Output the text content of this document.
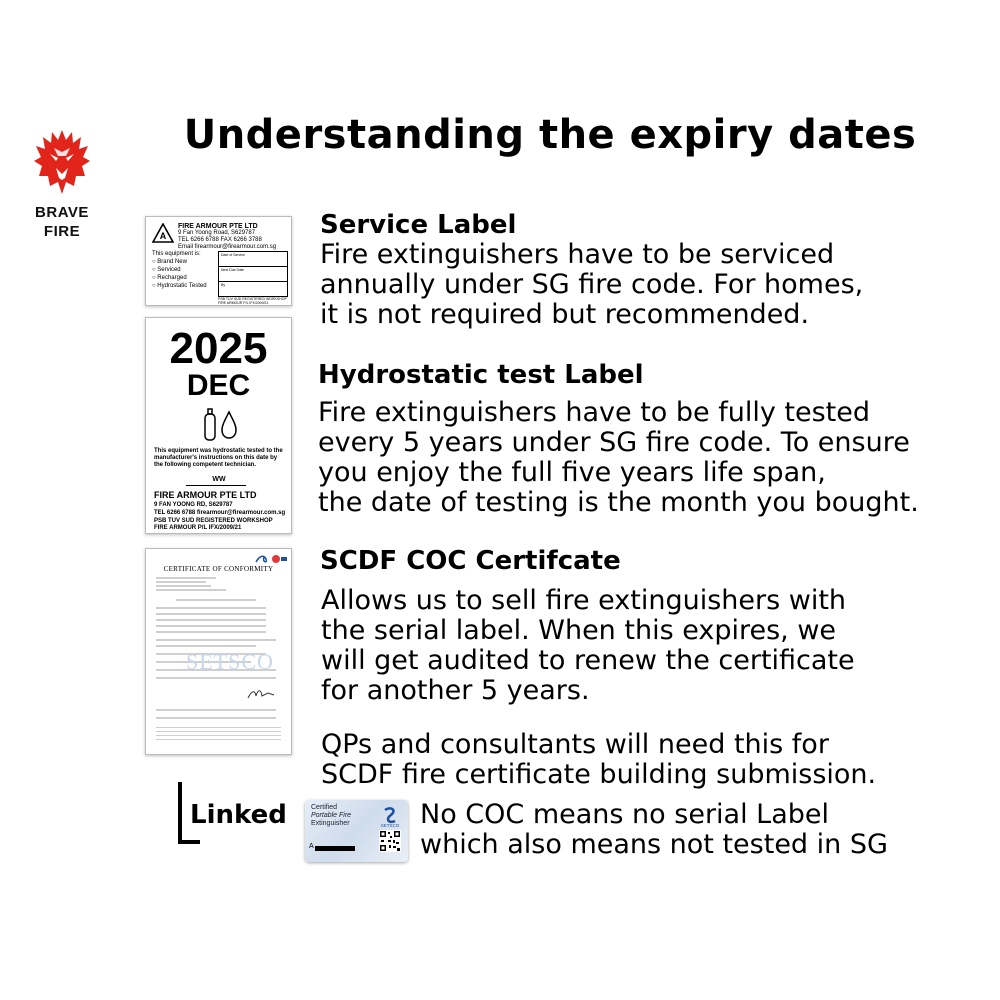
BRAVE
FIRE
Understanding the expiry dates
A
FIRE ARMOUR PTE LTD
9 Fan Yoong Road, S629787
TEL 6266 6788 FAX 6266 3788
Email firearmour@firearmour.com.sg
This equipment is:
○ Brand New
○ Serviced
○ Recharged
○ Hydrostatic Tested
Date of Service
Next Due Date
By
PSB TUV SUD REGISTERED WORKSHOP
FIRE ARMOUR P/L IFX/2009/21
Service Label
Fire extinguishers have to be serviced
annually under SG fire code. For homes,
it is not required but recommended.
2025
DEC
This equipment was hydrostatic tested to the manufacturer's instructions on this date by the following competent technician.
WW
FIRE ARMOUR PTE LTD
9 FAN YOONG RD, S629787
TEL 6266 6788 firearmour@firearmour.com.sg
PSB TUV SUD REGISTERED WORKSHOP
FIRE ARMOUR P/L IFX/2009/21
Hydrostatic test Label
Fire extinguishers have to be fully tested
every 5 years under SG fire code. To ensure
you enjoy the full five years life span,
the date of testing is the month you bought.
CERTIFICATE OF CONFORMITY
SETSCO
SCDF COC Certifcate
Allows us to sell fire extinguishers with
the serial label. When this expires, we
will get audited to renew the certificate
for another 5 years.
QPs and consultants will need this for
SCDF fire certificate building submission.
Linked	Certified
Portable Fire
Extinguisher	SETSCO
A
No COC means no serial Label
which also means not tested in SG
